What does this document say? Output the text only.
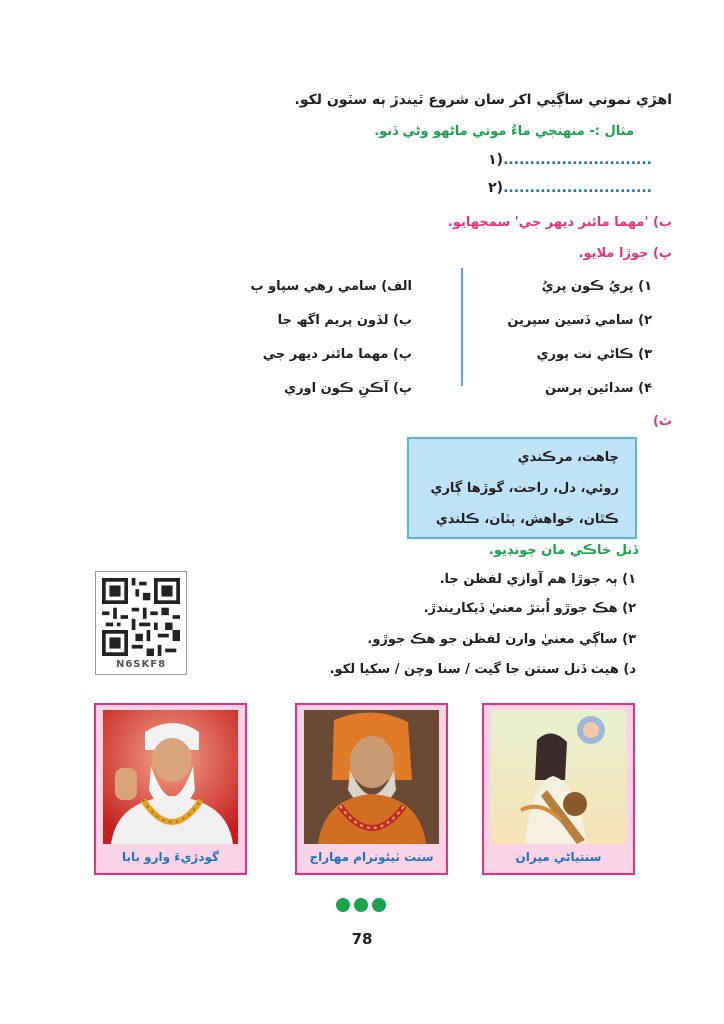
اهڙي نموني ساڳيي اکر سان شروع ٿيندڙ ٻه سٽون لکو.
مثال :- منهنجي ماءُ موتي ماڻهو وڻي ڏنو.
١)............................
٢)............................
ب) 'مهما مائنر ديھر جي' سمجھايو.
پ) جوڙا ملايو.
١) پريُ ڪون پريُ
٢) سامي ڏسين سپرين
٣) ڪاڻي نت پوري
۴) سدائين پرسن
الف) سامي رهي سپاو ٻ
ب) لڏون پريم اگھ جا
پ) مهما مائنر ديھر جي
پ) آڪنِ ڪون اوري
ٿ)
چاهت، مرڪندي
روئي، دل، راحت، گوڙها ڳاري
ڪٿان، خواهش، ٻٽان، ڪلندي
ڏنل خاڪي مان چونڊيو.
١) ٻہ جوڙا هم آوازي لفظن جا.
٢) هڪ جوڙو اُبتڙ معنيٰ ڏيکاريندڙ.
٣) ساڳي معنيٰ وارن لفظن جو هڪ جوڙو.
د) هيٺ ڏنل سنتن جا گيت / سنا وچن / سکيا لکو.
N6SKF8
سنتياڻي ميران
سنت ٽيئونرام مهاراج
گودڙيءَ وارو بابا
78
